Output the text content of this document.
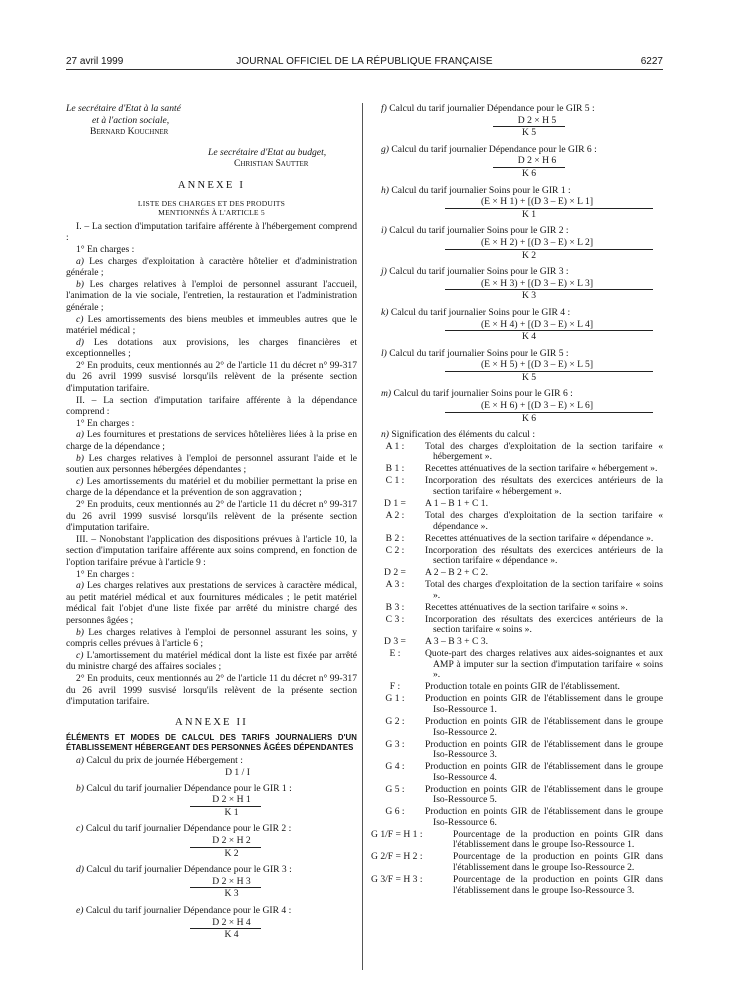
27 avril 1999	JOURNAL OFFICIEL DE LA RÉPUBLIQUE FRANÇAISE	6227

Le secrétaire d'Etat à la santé

et à l'action sociale,

Bernard Kouchner

Le secrétaire d'Etat au budget,

Christian Sautter

ANNEXE I
LISTE DES CHARGES ET DES PRODUITS
MENTIONNÉS À L'ARTICLE 5

I. – La section d'imputation tarifaire afférente à l'hébergement comprend :

1° En charges :

a) Les charges d'exploitation à caractère hôtelier et d'administration générale ;

b) Les charges relatives à l'emploi de personnel assurant l'accueil, l'animation de la vie sociale, l'entretien, la restauration et l'administration générale ;

c) Les amortissements des biens meubles et immeubles autres que le matériel médical ;

d) Les dotations aux provisions, les charges financières et exceptionnelles ;

2° En produits, ceux mentionnés au 2° de l'article 11 du décret n° 99-317 du 26 avril 1999 susvisé lorsqu'ils relèvent de la présente section d'imputation tarifaire.

II. – La section d'imputation tarifaire afférente à la dépendance comprend :

1° En charges :

a) Les fournitures et prestations de services hôtelières liées à la prise en charge de la dépendance ;

b) Les charges relatives à l'emploi de personnel assurant l'aide et le soutien aux personnes hébergées dépendantes ;

c) Les amortissements du matériel et du mobilier permettant la prise en charge de la dépendance et la prévention de son aggravation ;

2° En produits, ceux mentionnés au 2° de l'article 11 du décret n° 99-317 du 26 avril 1999 susvisé lorsqu'ils relèvent de la présente section d'imputation tarifaire.

III. – Nonobstant l'application des dispositions prévues à l'article 10, la section d'imputation tarifaire afférente aux soins comprend, en fonction de l'option tarifaire prévue à l'article 9 :

1° En charges :

a) Les charges relatives aux prestations de services à caractère médical, au petit matériel médical et aux fournitures médicales ; le petit matériel médical fait l'objet d'une liste fixée par arrêté du ministre chargé des personnes âgées ;

b) Les charges relatives à l'emploi de personnel assurant les soins, y compris celles prévues à l'article 6 ;

c) L'amortissement du matériel médical dont la liste est fixée par arrêté du ministre chargé des affaires sociales ;

2° En produits, ceux mentionnés au 2° de l'article 11 du décret n° 99-317 du 26 avril 1999 susvisé lorsqu'ils relèvent de la présente section d'imputation tarifaire.

ANNEXE II

ÉLÉMENTS ET MODES DE CALCUL DES TARIFS JOURNALIERS D'UN ÉTABLISSEMENT HÉBERGEANT DES PERSONNES ÂGÉES DÉPENDANTES

a) Calcul du prix de journée Hébergement :

D 1 / I

b) Calcul du tarif journalier Dépendance pour le GIR 1 :

D 2 × H 1
K 1

c) Calcul du tarif journalier Dépendance pour le GIR 2 :

D 2 × H 2
K 2

d) Calcul du tarif journalier Dépendance pour le GIR 3 :

D 2 × H 3
K 3

e) Calcul du tarif journalier Dépendance pour le GIR 4 :

D 2 × H 4
K 4

f) Calcul du tarif journalier Dépendance pour le GIR 5 :

D 2 × H 5
K 5

g) Calcul du tarif journalier Dépendance pour le GIR 6 :

D 2 × H 6
K 6

h) Calcul du tarif journalier Soins pour le GIR 1 :

(E × H 1) + [(D 3 – E) × L 1]
K 1

i) Calcul du tarif journalier Soins pour le GIR 2 :

(E × H 2) + [(D 3 – E) × L 2]
K 2

j) Calcul du tarif journalier Soins pour le GIR 3 :

(E × H 3) + [(D 3 – E) × L 3]
K 3

k) Calcul du tarif journalier Soins pour le GIR 4 :

(E × H 4) + [(D 3 – E) × L 4]
K 4

l) Calcul du tarif journalier Soins pour le GIR 5 :

(E × H 5) + [(D 3 – E) × L 5]
K 5

m) Calcul du tarif journalier Soins pour le GIR 6 :

(E × H 6) + [(D 3 – E) × L 6]
K 6

n) Signification des éléments du calcul :

A 1 :	Total des charges d'exploitation de la section tarifaire « hébergement ».
B 1 :	Recettes atténuatives de la section tarifaire « hébergement ».
C 1 :	Incorporation des résultats des exercices antérieurs de la section tarifaire « hébergement ».
D 1 =	A 1 – B 1 + C 1.
A 2 :	Total des charges d'exploitation de la section tarifaire « dépendance ».
B 2 :	Recettes atténuatives de la section tarifaire « dépendance ».
C 2 :	Incorporation des résultats des exercices antérieurs de la section tarifaire « dépendance ».
D 2 =	A 2 – B 2 + C 2.
A 3 :	Total des charges d'exploitation de la section tarifaire « soins ».
B 3 :	Recettes atténuatives de la section tarifaire « soins ».
C 3 :	Incorporation des résultats des exercices antérieurs de la section tarifaire « soins ».
D 3 =	A 3 – B 3 + C 3.
E :	Quote-part des charges relatives aux aides-soignantes et aux AMP à imputer sur la section d'imputation tarifaire « soins ».
F :	Production totale en points GIR de l'établissement.
G 1 :	Production en points GIR de l'établissement dans le groupe Iso-Ressource 1.
G 2 :	Production en points GIR de l'établissement dans le groupe Iso-Ressource 2.
G 3 :	Production en points GIR de l'établissement dans le groupe Iso-Ressource 3.
G 4 :	Production en points GIR de l'établissement dans le groupe Iso-Ressource 4.
G 5 :	Production en points GIR de l'établissement dans le groupe Iso-Ressource 5.
G 6 :	Production en points GIR de l'établissement dans le groupe Iso-Ressource 6.
G 1/F = H 1 :	Pourcentage de la production en points GIR dans l'établissement dans le groupe Iso-Ressource 1.
G 2/F = H 2 :	Pourcentage de la production en points GIR dans l'établissement dans le groupe Iso-Ressource 2.
G 3/F = H 3 :	Pourcentage de la production en points GIR dans l'établissement dans le groupe Iso-Ressource 3.
